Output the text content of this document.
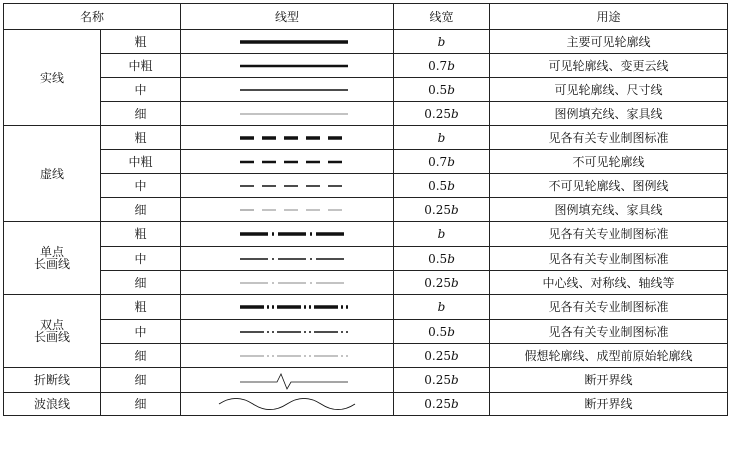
名称		线型	线宽	用途
实线	粗		b	主要可见轮廓线
	中粗		0.7b	可见轮廓线、变更云线
	中		0.5b	可见轮廓线、尺寸线
	细		0.25b	图例填充线、家具线
虚线	粗		b	见各有关专业制图标准
	中粗		0.7b	不可见轮廓线
	中		0.5b	不可见轮廓线、图例线
	细		0.25b	图例填充线、家具线

单点
长画线	粗		b	见各有关专业制图标准
	中		0.5b	见各有关专业制图标准
	细		0.25b	中心线、对称线、轴线等

双点
长画线	粗		b	见各有关专业制图标准
	中		0.5b	见各有关专业制图标准
	细		0.25b	假想轮廓线、成型前原始轮廓线
折断线	细		0.25b	断开界线
波浪线	细		0.25b	断开界线
